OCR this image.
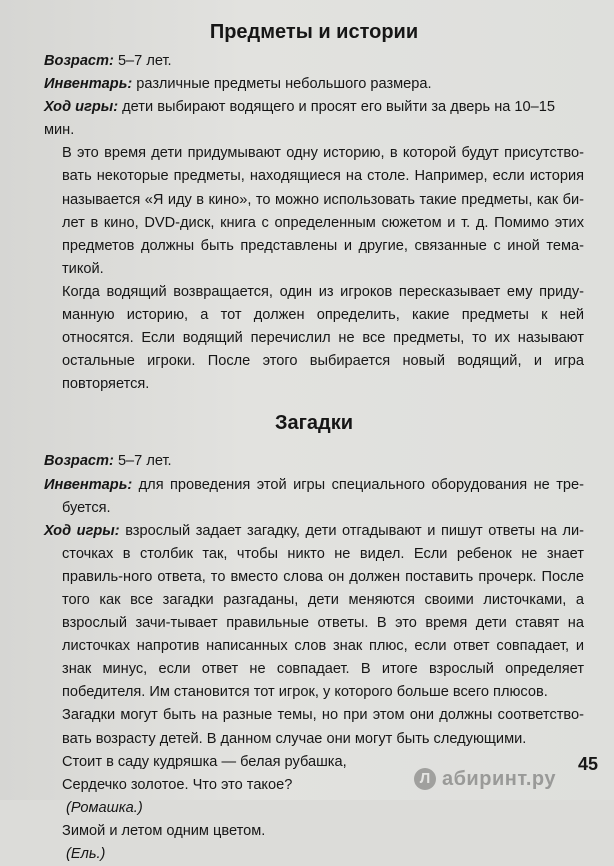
Предметы и истории

Возраст: 5–7 лет.

Инвентарь: различные предметы небольшого размера.

Ход игры: дети выбирают водящего и просят его выйти за дверь на 10–15 мин.

В это время дети придумывают одну историю, в которой будут присутство-вать некоторые предметы, находящиеся на столе. Например, если история называется «Я иду в кино», то можно использовать такие предметы, как би-лет в кино, DVD-диск, книга с определенным сюжетом и т. д. Помимо этих предметов должны быть представлены и другие, связанные с иной тема-тикой.

Когда водящий возвращается, один из игроков пересказывает ему приду-манную историю, а тот должен определить, какие предметы к ней относятся. Если водящий перечислил не все предметы, то их называют остальные игроки. После этого выбирается новый водящий, и игра повторяется.

Загадки

Возраст: 5–7 лет.

Инвентарь: для проведения этой игры специального оборудования не тре-буется.

Ход игры: взрослый задает загадку, дети отгадывают и пишут ответы на ли-сточках в столбик так, чтобы никто не видел. Если ребенок не знает правиль-ного ответа, то вместо слова он должен поставить прочерк. После того как все загадки разгаданы, дети меняются своими листочками, а взрослый зачи-тывает правильные ответы. В это время дети ставят на листочках напротив написанных слов знак плюс, если ответ совпадает, и знак минус, если ответ не совпадает. В итоге взрослый определяет победителя. Им становится тот игрок, у которого больше всего плюсов.

Загадки могут быть на разные темы, но при этом они должны соответство-вать возрасту детей. В данном случае они могут быть следующими.

Стоит в саду кудряшка — белая рубашка,

Сердечко золотое. Что это такое?

(Ромашка.)

Зимой и летом одним цветом.

(Ель.)

Л абиринт.ру
45
